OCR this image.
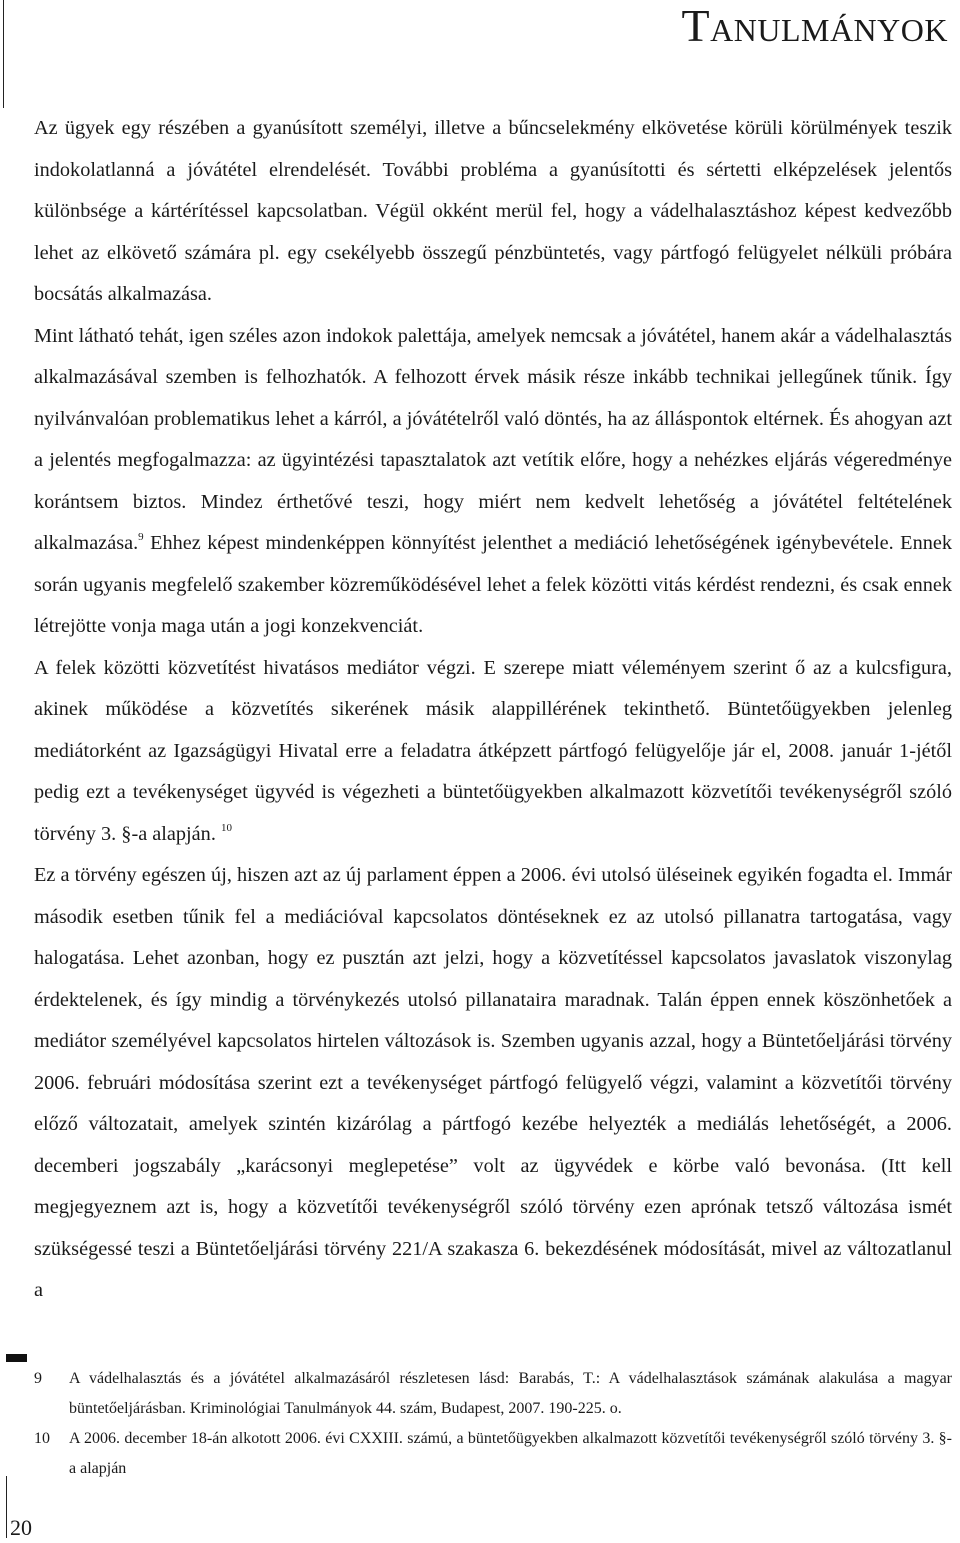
Tanulmányok

Az ügyek egy részében a gyanúsított személyi, illetve a bűncselekmény elkövetése körüli körülmények teszik indokolatlanná a jóvátétel elrendelését. További probléma a gyanúsítotti és sértetti elképzelések jelentős különbsége a kártérítéssel kapcsolatban. Végül okként merül fel, hogy a vádelhalasztáshoz képest kedvezőbb lehet az elkövető számára pl. egy csekélyebb összegű pénzbüntetés, vagy pártfogó felügyelet nélküli próbára bocsátás alkalmazása.

Mint látható tehát, igen széles azon indokok palettája, amelyek nemcsak a jóvátétel, hanem akár a vádelhalasztás alkalmazásával szemben is felhozhatók. A felhozott érvek másik része inkább technikai jellegűnek tűnik. Így nyilvánvalóan problematikus lehet a kárról, a jóvátételről való döntés, ha az álláspontok eltérnek. És ahogyan azt a jelentés megfogalmazza: az ügyintézési tapasztalatok azt vetítik előre, hogy a nehézkes eljárás végeredménye korántsem biztos. Mindez érthetővé teszi, hogy miért nem kedvelt lehetőség a jóvátétel feltételének alkalmazása.$^9$ Ehhez képest mindenképpen könnyítést jelenthet a mediáció lehetőségének igénybevétele. Ennek során ugyanis megfelelő szakember közreműködésével lehet a felek közötti vitás kérdést rendezni, és csak ennek létrejötte vonja maga után a jogi konzekvenciát.

A felek közötti közvetítést hivatásos mediátor végzi. E szerepe miatt véleményem szerint ő az a kulcsfigura, akinek működése a közvetítés sikerének másik alappillérének tekinthető. Büntetőügyekben jelenleg mediátorként az Igazságügyi Hivatal erre a feladatra átképzett pártfogó felügyelője jár el, 2008. január 1-jétől pedig ezt a tevékenységet ügyvéd is végezheti a büntetőügyekben alkalmazott közvetítői tevékenységről szóló törvény 3. §-a alapján. $^{10}$

Ez a törvény egészen új, hiszen azt az új parlament éppen a 2006. évi utolsó üléseinek egyikén fogadta el. Immár második esetben tűnik fel a mediációval kapcsolatos döntéseknek ez az utolsó pillanatra tartogatása, vagy halogatása. Lehet azonban, hogy ez pusztán azt jelzi, hogy a közvetítéssel kapcsolatos javaslatok viszonylag érdektelenek, és így mindig a törvénykezés utolsó pillanataira maradnak. Talán éppen ennek köszönhetőek a mediátor személyével kapcsolatos hirtelen változások is. Szemben ugyanis azzal, hogy a Büntetőeljárási törvény 2006. februári módosítása szerint ezt a tevékenységet pártfogó felügyelő végzi, valamint a közvetítői törvény előző változatait, amelyek szintén kizárólag a pártfogó kezébe helyezték a mediálás lehetőségét, a 2006. decemberi jogszabály „karácsonyi meglepetése” volt az ügyvédek e körbe való bevonása. (Itt kell megjegyeznem azt is, hogy a közvetítői tevékenységről szóló törvény ezen aprónak tetsző változása ismét szükségessé teszi a Büntetőeljárási törvény 221/A szakasza 6. bekezdésének módosítását, mivel az változatlanul a

9 A vádelhalasztás és a jóvátétel alkalmazásáról részletesen lásd: Barabás, T.: A vádelhalasztások számának alakulása a magyar büntetőeljárásban. Kriminológiai Tanulmányok 44. szám, Budapest, 2007. 190-225. o.
10 A 2006. december 18-án alkotott 2006. évi CXXIII. számú, a büntetőügyekben alkalmazott közvetítői tevékenységről szóló törvény 3. §-a alapján
20
